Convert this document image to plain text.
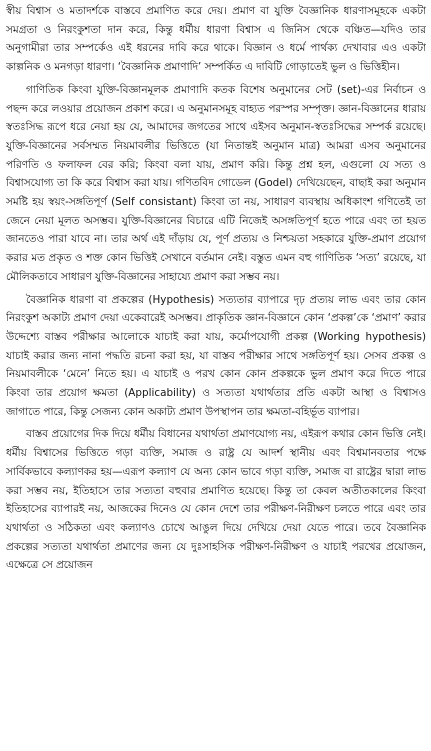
স্বীয় বিশ্বাস ও মতাদর্শকে বাস্তবে প্রমাণিত করে দেয়। প্রমাণ বা যুক্তি বৈজ্ঞানিক ধারণাসমূহকে একটা সমগ্রতা ও নিরংকুশতা দান করে, কিন্তু ধর্মীয় ধারণা বিশ্বাস এ জিনিস থেকে বঞ্চিত—যদিও তার অনুগামীরা তার সম্পর্কেও এই ধরনের দাবি করে থাকে। বিজ্ঞান ও ধর্মে পার্থক্য দেখাবার এও একটা কাল্পনিক ও মনগড়া ধারণা। ‘বৈজ্ঞানিক প্রমাণাদি’ সম্পর্কিত এ দাবিটি গোড়াতেই ভুল ও ভিত্তিহীন।

গাণিতিক কিংবা যুক্তি-বিজ্ঞানমূলক প্রমাণাদি কতক বিশেষ অনুমানের সেট (set)-এর নির্বাচন ও পছন্দ করে লওয়ার প্রয়োজন প্রকাশ করে। এ অনুমানসমূহ বাহ্যত পরস্পর সম্পৃক্ত। জ্ঞান-বিজ্ঞানের ধারায় স্বতঃসিদ্ধ রূপে ধরে নেয়া হয় যে, আমাদের জগতের সাথে এইসব অনুমান-স্বতঃসিদ্ধের সম্পর্ক রয়েছে। যুক্তি-বিজ্ঞানের সর্বসম্মত নিয়মাবলীর ভিত্তিতে (যা নিতান্তই অনুমান মাত্র) আমরা এসব অনুমানের পরিণতি ও ফলাফল বের করি; কিংবা বলা যায়, প্রমাণ করি। কিন্তু প্রশ্ন হল, এগুলো যে সত্য ও বিশ্বাসযোগ্য তা কি করে বিশ্বাস করা যায়। গণিতবিদ গোডেল (Godel) দেখিয়েছেন, বাছাই করা অনুমান সমষ্টি হয় স্বয়ং-সঙ্গতিপূর্ণ (Self consistant) কিংবা তা নয়, সাধারণ ব্যবস্থায় অধিকাংশ গণিতেই তা জেনে নেয়া মূলত অসম্ভব। যুক্তি-বিজ্ঞানের বিচারে এটি নিজেই অসঙ্গতিপূর্ণ হতে পারে এবং তা হয়ত জানতেও পারা যাবে না। তার অর্থ এই দাঁড়ায় যে, পূর্ণ প্রত্যয় ও নিশ্চয়তা সহকারে যুক্তি-প্রমাণ প্রয়োগ করার মত প্রকৃত ও শক্ত কোন ভিত্তিই সেখানে বর্তমান নেই। বস্তুত এমন বহু গাণিতিক ‘সত্য’ রয়েছে, যা মৌলিকতাবে সাধারণ যুক্তি-বিজ্ঞানের সাহায্যে প্রমাণ করা সম্ভব নয়।

বৈজ্ঞানিক ধারণা বা প্রকল্পের (Hypothesis) সত্যতার ব্যাপারে দৃঢ় প্রত্যয় লাভ এবং তার কোন নিরংকুশ অকাট্য প্রমাণ দেয়া একেবারেই অসম্ভব। প্রাকৃতিক জ্ঞান-বিজ্ঞানে কোন ‘প্রকল্প’কে ‘প্রমাণ’ করার উদ্দেশ্যে বাস্তব পরীক্ষার আলোকে যাচাই করা যায়, কর্মোপযোগী প্রকল্প (Working hypothesis) যাচাই করার জন্য নানা পদ্ধতি রচনা করা হয়, যা বাস্তব পরীক্ষার সাথে সঙ্গতিপূর্ণ হয়। সেসব প্রকল্প ও নিয়মাবলীকে ‘মেনে’ নিতে হয়। এ যাচাই ও পরখ কোন কোন প্রকল্পকে ভুল প্রমাণ করে দিতে পারে কিংবা তার প্রয়োগ ক্ষমতা (Applicability) ও সত্যতা যথার্থতার প্রতি একটা আস্থা ও বিশ্বাসও জাগাতে পারে, কিন্তু সেজন্য কোন অকাট্য প্রমাণ উপস্থাপন তার ক্ষমতা-বহির্ভূত ব্যাপার।

বাস্তব প্রয়োগের দিক দিয়ে ধর্মীয় বিধানের যথার্থতা প্রমাণযোগ্য নয়, এইরূপ কথার কোন ভিত্তি নেই। ধর্মীয় বিশ্বাসের ভিত্তিতে গড়া ব্যক্তি, সমাজ ও রাষ্ট্র যে আদর্শ স্থানীয় এবং বিশ্বমানবতার পক্ষে সার্বিকভাবে কল্যাণকর হয়—এরূপ কল্যাণ যে অন্য কোন ভাবে গড়া ব্যক্তি, সমাজ বা রাষ্ট্রের দ্বারা লাভ করা সম্ভব নয়, ইতিহাসে তার সত্যতা বহুবার প্রমাণিত হয়েছে। কিন্তু তা কেবল অতীতকালের কিংবা ইতিহাসের ব্যাপারই নয়, আজকের দিনেও যে কোন দেশে তার পরীক্ষণ-নিরীক্ষণ চলতে পারে এবং তার যথার্থতা ও সঠিকতা এবং কল্যাণও চোখে আঙুল দিয়ে দেখিয়ে দেয়া যেতে পারে। তবে বৈজ্ঞানিক প্রকল্পের সত্যতা যথার্থতা প্রমাণের জন্য যে দুঃসাহসিক পরীক্ষণ-নিরীক্ষণ ও যাচাই পরখের প্রয়োজন, এক্ষেত্রে সে প্রয়োজন
